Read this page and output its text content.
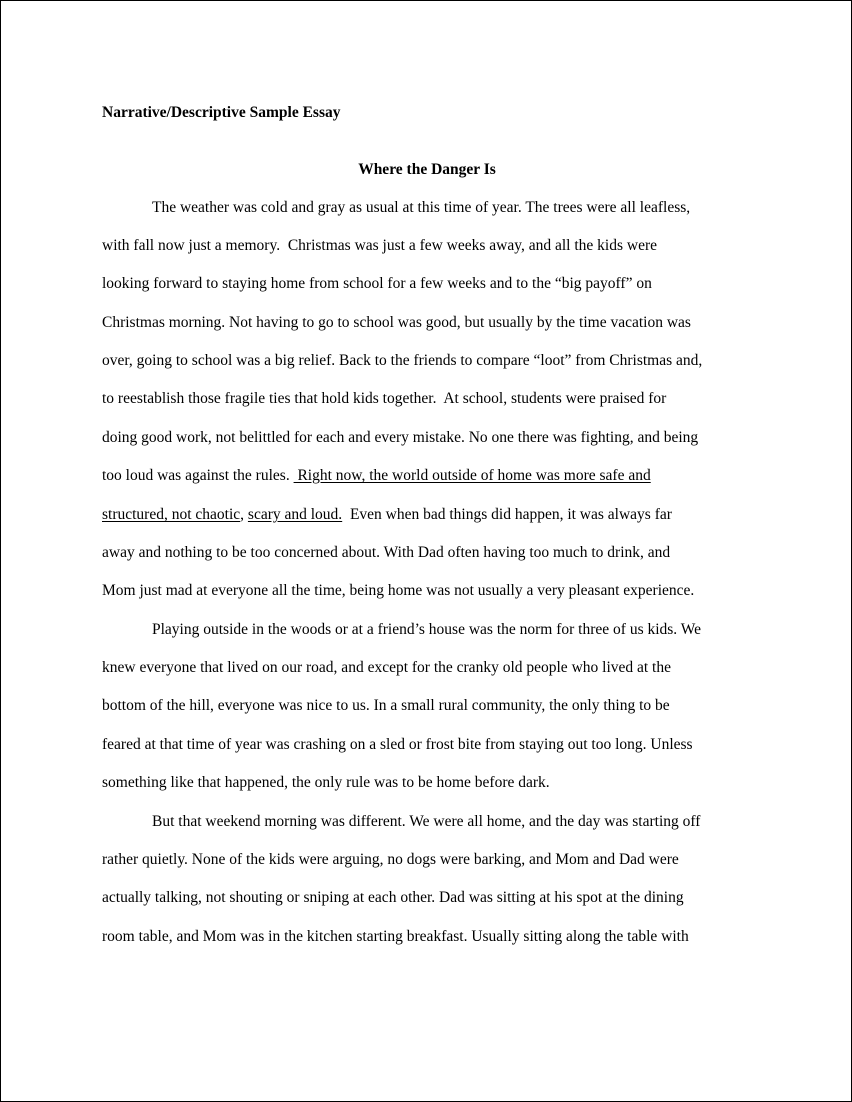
Narrative/Descriptive Sample Essay

Where the Danger Is

The weather was cold and gray as usual at this time of year. The trees were all leafless,

with fall now just a memory.  Christmas was just a few weeks away, and all the kids were

looking forward to staying home from school for a few weeks and to the “big payoff” on

Christmas morning. Not having to go to school was good, but usually by the time vacation was

over, going to school was a big relief. Back to the friends to compare “loot” from Christmas and,

to reestablish those fragile ties that hold kids together.  At school, students were praised for

doing good work, not belittled for each and every mistake. No one there was fighting, and being

too loud was against the rules.  Right now, the world outside of home was more safe and

structured, not chaotic, scary and loud.  Even when bad things did happen, it was always far

away and nothing to be too concerned about. With Dad often having too much to drink, and

Mom just mad at everyone all the time, being home was not usually a very pleasant experience.

Playing outside in the woods or at a friend’s house was the norm for three of us kids. We

knew everyone that lived on our road, and except for the cranky old people who lived at the

bottom of the hill, everyone was nice to us. In a small rural community, the only thing to be

feared at that time of year was crashing on a sled or frost bite from staying out too long. Unless

something like that happened, the only rule was to be home before dark.

But that weekend morning was different. We were all home, and the day was starting off

rather quietly. None of the kids were arguing, no dogs were barking, and Mom and Dad were

actually talking, not shouting or sniping at each other. Dad was sitting at his spot at the dining

room table, and Mom was in the kitchen starting breakfast. Usually sitting along the table with
